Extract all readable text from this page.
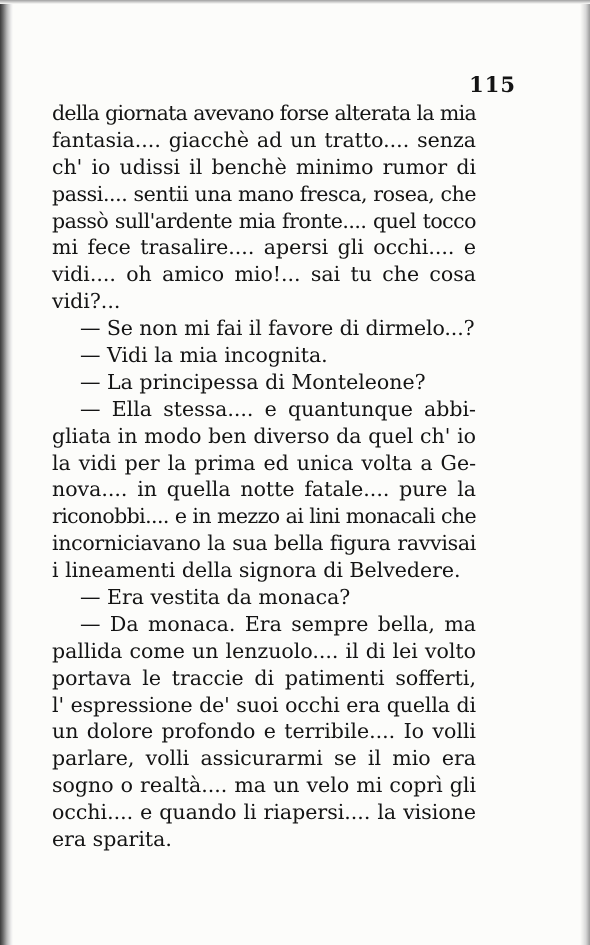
115
della giornata avevano forse alterata la mia
fantasia.... giacchè ad un tratto.... senza
ch' io udissi il benchè minimo rumor di
passi.... sentii una mano fresca, rosea, che
passò sull'ardente mia fronte.... quel tocco
mi fece trasalire.... apersi gli occhi.... e
vidi.... oh amico mio!... sai tu che cosa
vidi?...
— Se non mi fai il favore di dirmelo...?
— Vidi la mia incognita.
— La principessa di Monteleone?
— Ella stessa.... e quantunque abbi-
gliata in modo ben diverso da quel ch' io
la vidi per la prima ed unica volta a Ge-
nova.... in quella notte fatale.... pure la
riconobbi.... e in mezzo ai lini monacali che
incorniciavano la sua bella figura ravvisai
i lineamenti della signora di Belvedere.
— Era vestita da monaca?
— Da monaca. Era sempre bella, ma
pallida come un lenzuolo.... il di lei volto
portava le traccie di patimenti sofferti,
l' espressione de' suoi occhi era quella di
un dolore profondo e terribile.... Io volli
parlare, volli assicurarmi se il mio era
sogno o realtà.... ma un velo mi coprì gli
occhi.... e quando li riapersi.... la visione
era sparita.
